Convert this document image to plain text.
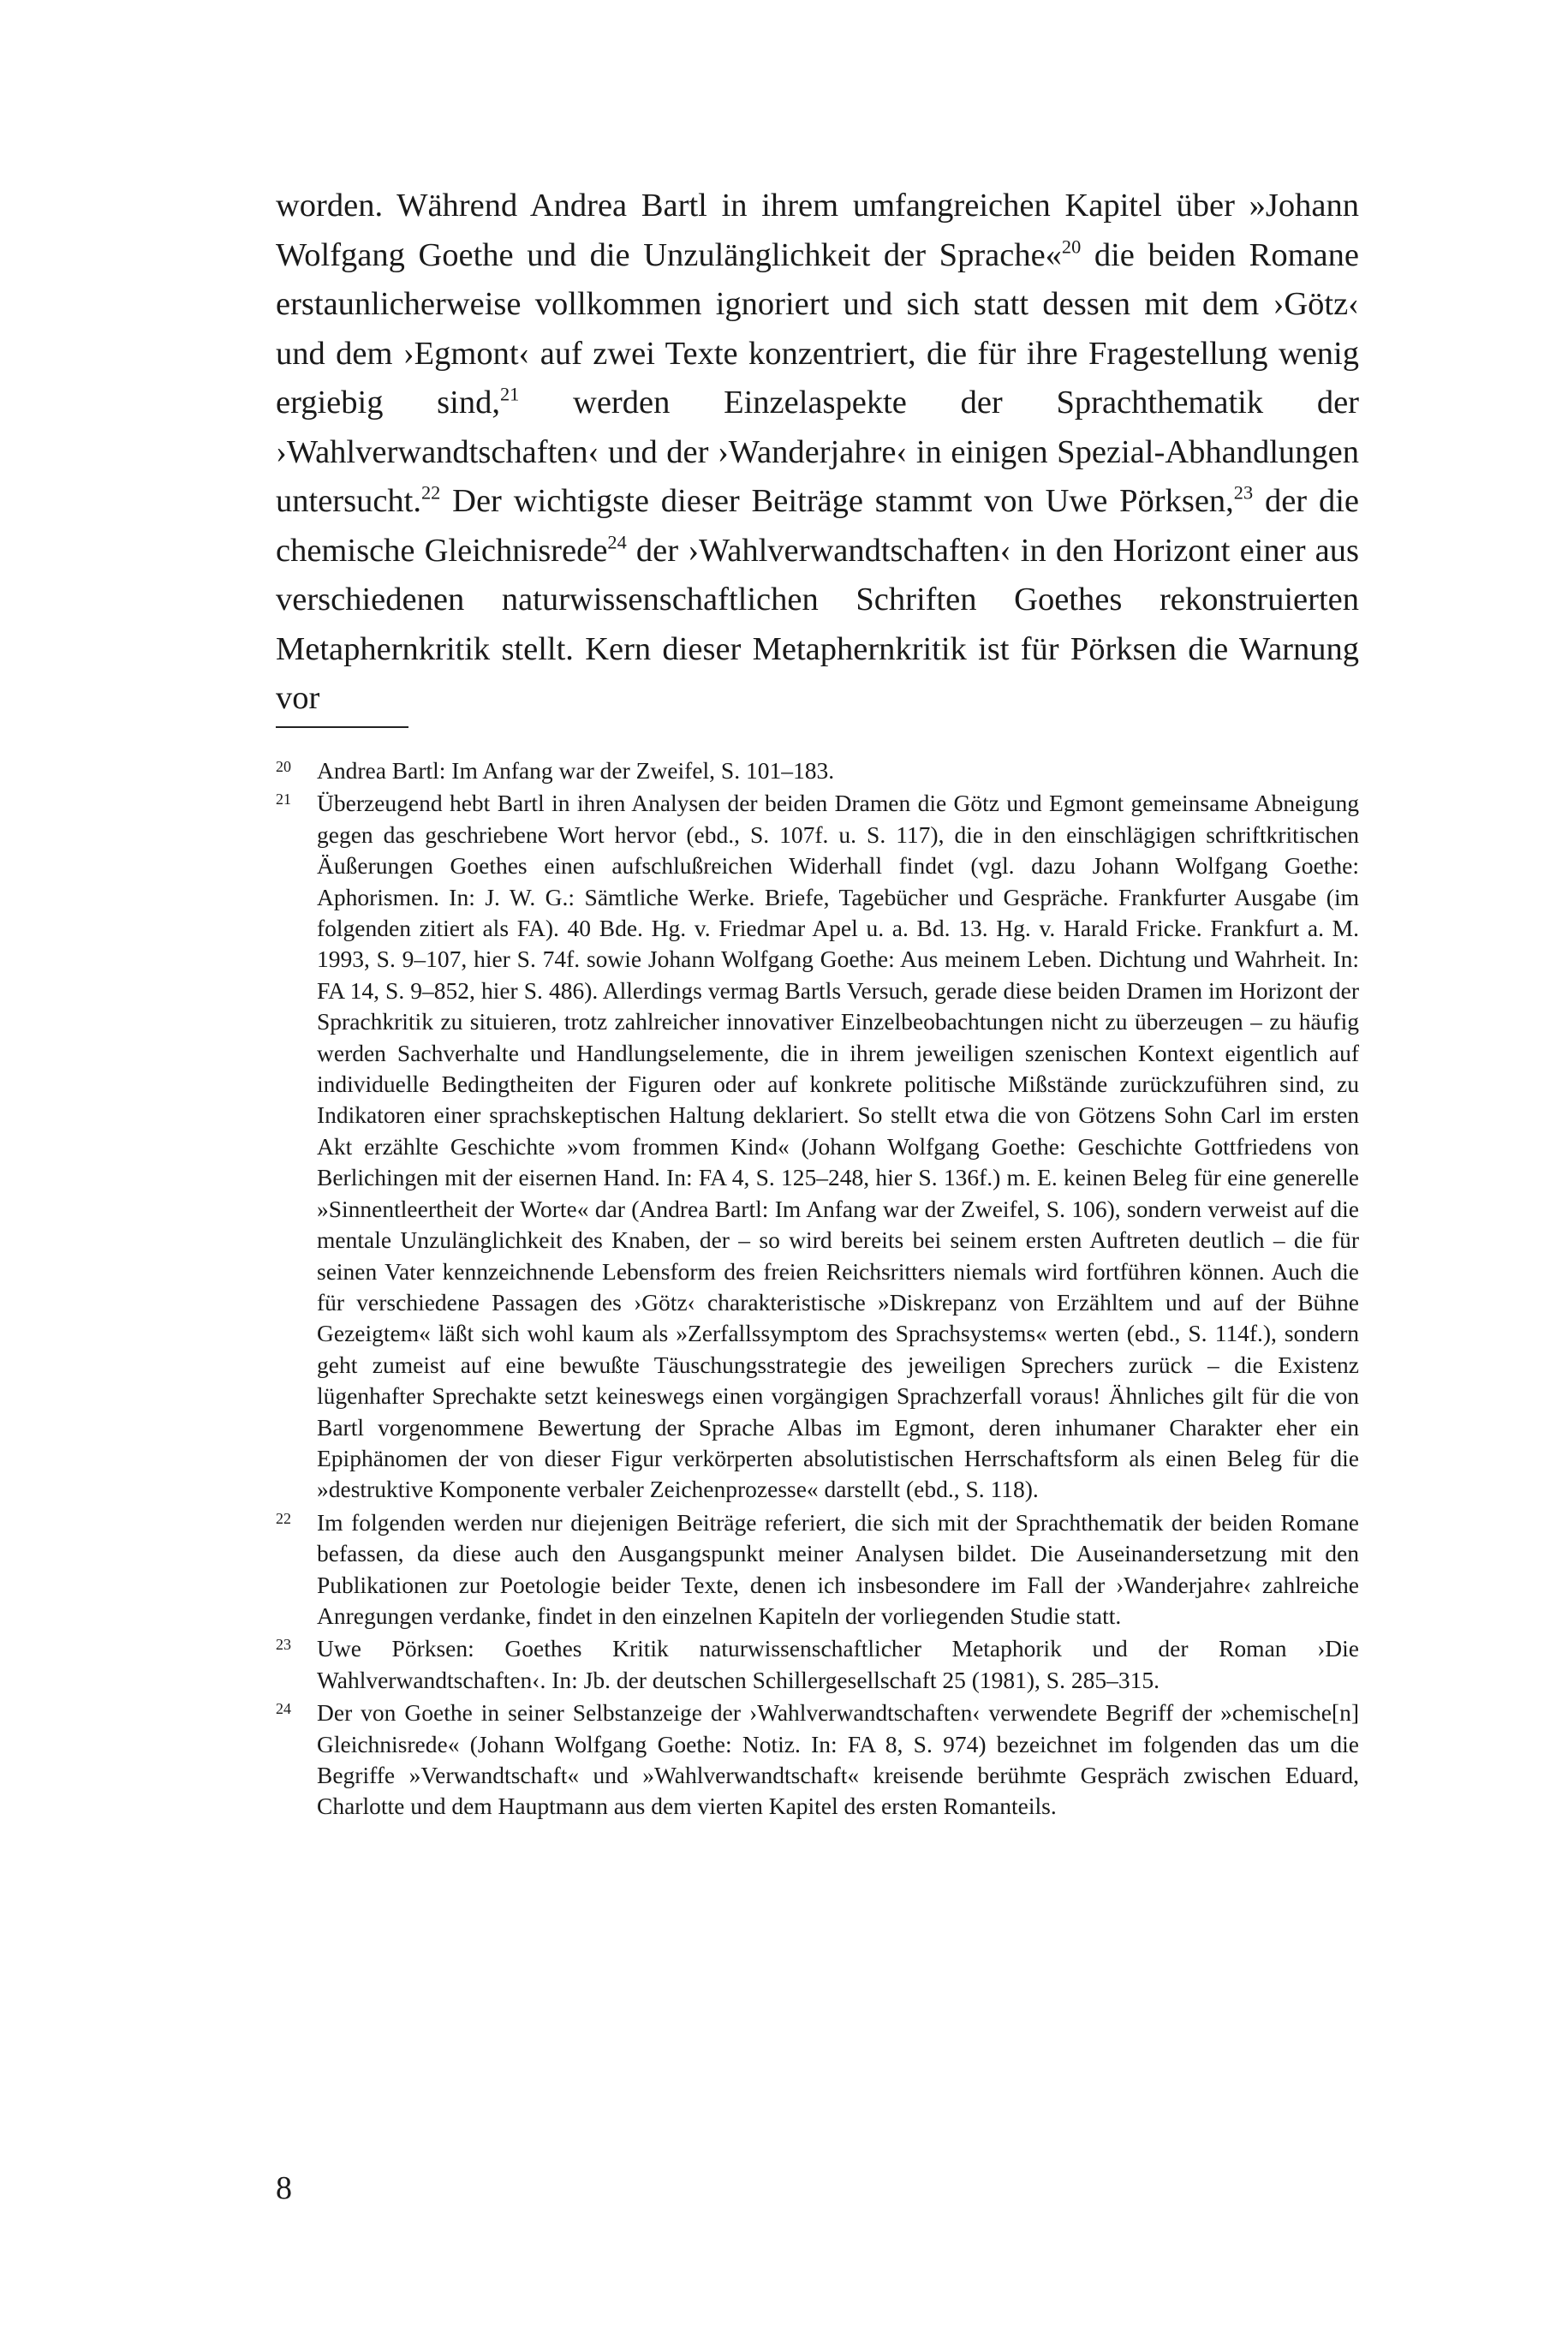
worden. Während Andrea Bartl in ihrem umfangreichen Kapitel über »Johann Wolfgang Goethe und die Unzulänglichkeit der Sprache«$^{20}$ die beiden Romane erstaunlicherweise vollkommen ignoriert und sich statt dessen mit dem ›Götz‹ und dem ›Egmont‹ auf zwei Texte konzentriert, die für ihre Fragestellung wenig ergiebig sind,$^{21}$ werden Einzelaspekte der Sprachthematik der ›Wahlverwandtschaften‹ und der ›Wanderjahre‹ in einigen Spezial-Abhandlungen untersucht.$^{22}$ Der wichtigste dieser Beiträge stammt von Uwe Pörksen,$^{23}$ der die chemische Gleichnisrede$^{24}$ der ›Wahlverwandtschaften‹ in den Horizont einer aus verschiedenen naturwissenschaftlichen Schriften Goethes rekonstruierten Metaphernkritik stellt. Kern dieser Metaphernkritik ist für Pörksen die Warnung vor

20 Andrea Bartl: Im Anfang war der Zweifel, S. 101–183.
21 Überzeugend hebt Bartl in ihren Analysen der beiden Dramen die Götz und Egmont gemeinsame Abneigung gegen das geschriebene Wort hervor (ebd., S. 107f. u. S. 117), die in den einschlägigen schriftkritischen Äußerungen Goethes einen aufschlußreichen Widerhall findet (vgl. dazu Johann Wolfgang Goethe: Aphorismen. In: J. W. G.: Sämtliche Werke. Briefe, Tagebücher und Gespräche. Frankfurter Ausgabe (im folgenden zitiert als FA). 40 Bde. Hg. v. Friedmar Apel u. a. Bd. 13. Hg. v. Harald Fricke. Frankfurt a. M. 1993, S. 9–107, hier S. 74f. sowie Johann Wolfgang Goethe: Aus meinem Leben. Dichtung und Wahrheit. In: FA 14, S. 9–852, hier S. 486). Allerdings vermag Bartls Versuch, gerade diese beiden Dramen im Horizont der Sprachkritik zu situieren, trotz zahlreicher innovativer Einzelbeobachtungen nicht zu überzeugen – zu häufig werden Sachverhalte und Handlungselemente, die in ihrem jeweiligen szenischen Kontext eigentlich auf individuelle Bedingtheiten der Figuren oder auf konkrete politische Mißstände zurückzuführen sind, zu Indikatoren einer sprachskeptischen Haltung deklariert. So stellt etwa die von Götzens Sohn Carl im ersten Akt erzählte Geschichte »vom frommen Kind« (Johann Wolfgang Goethe: Geschichte Gottfriedens von Berlichingen mit der eisernen Hand. In: FA 4, S. 125–248, hier S. 136f.) m. E. keinen Beleg für eine generelle »Sinnentleertheit der Worte« dar (Andrea Bartl: Im Anfang war der Zweifel, S. 106), sondern verweist auf die mentale Unzulänglichkeit des Knaben, der – so wird bereits bei seinem ersten Auftreten deutlich – die für seinen Vater kennzeichnende Lebensform des freien Reichsritters niemals wird fortführen können. Auch die für verschiedene Passagen des ›Götz‹ charakteristische »Diskrepanz von Erzähltem und auf der Bühne Gezeigtem« läßt sich wohl kaum als »Zerfallssymptom des Sprachsystems« werten (ebd., S. 114f.), sondern geht zumeist auf eine bewußte Täuschungsstrategie des jeweiligen Sprechers zurück – die Existenz lügenhafter Sprechakte setzt keineswegs einen vorgängigen Sprachzerfall voraus! Ähnliches gilt für die von Bartl vorgenommene Bewertung der Sprache Albas im Egmont, deren inhumaner Charakter eher ein Epiphänomen der von dieser Figur verkörperten absolutistischen Herrschaftsform als einen Beleg für die »destruktive Komponente verbaler Zeichenprozesse« darstellt (ebd., S. 118).
22 Im folgenden werden nur diejenigen Beiträge referiert, die sich mit der Sprachthematik der beiden Romane befassen, da diese auch den Ausgangspunkt meiner Analysen bildet. Die Auseinandersetzung mit den Publikationen zur Poetologie beider Texte, denen ich insbesondere im Fall der ›Wanderjahre‹ zahlreiche Anregungen verdanke, findet in den einzelnen Kapiteln der vorliegenden Studie statt.
23 Uwe Pörksen: Goethes Kritik naturwissenschaftlicher Metaphorik und der Roman ›Die Wahlverwandtschaften‹. In: Jb. der deutschen Schillergesellschaft 25 (1981), S. 285–315.
24 Der von Goethe in seiner Selbstanzeige der ›Wahlverwandtschaften‹ verwendete Begriff der »chemische[n] Gleichnisrede« (Johann Wolfgang Goethe: Notiz. In: FA 8, S. 974) bezeichnet im folgenden das um die Begriffe »Verwandtschaft« und »Wahlverwandtschaft« kreisende berühmte Gespräch zwischen Eduard, Charlotte und dem Hauptmann aus dem vierten Kapitel des ersten Romanteils.
8
